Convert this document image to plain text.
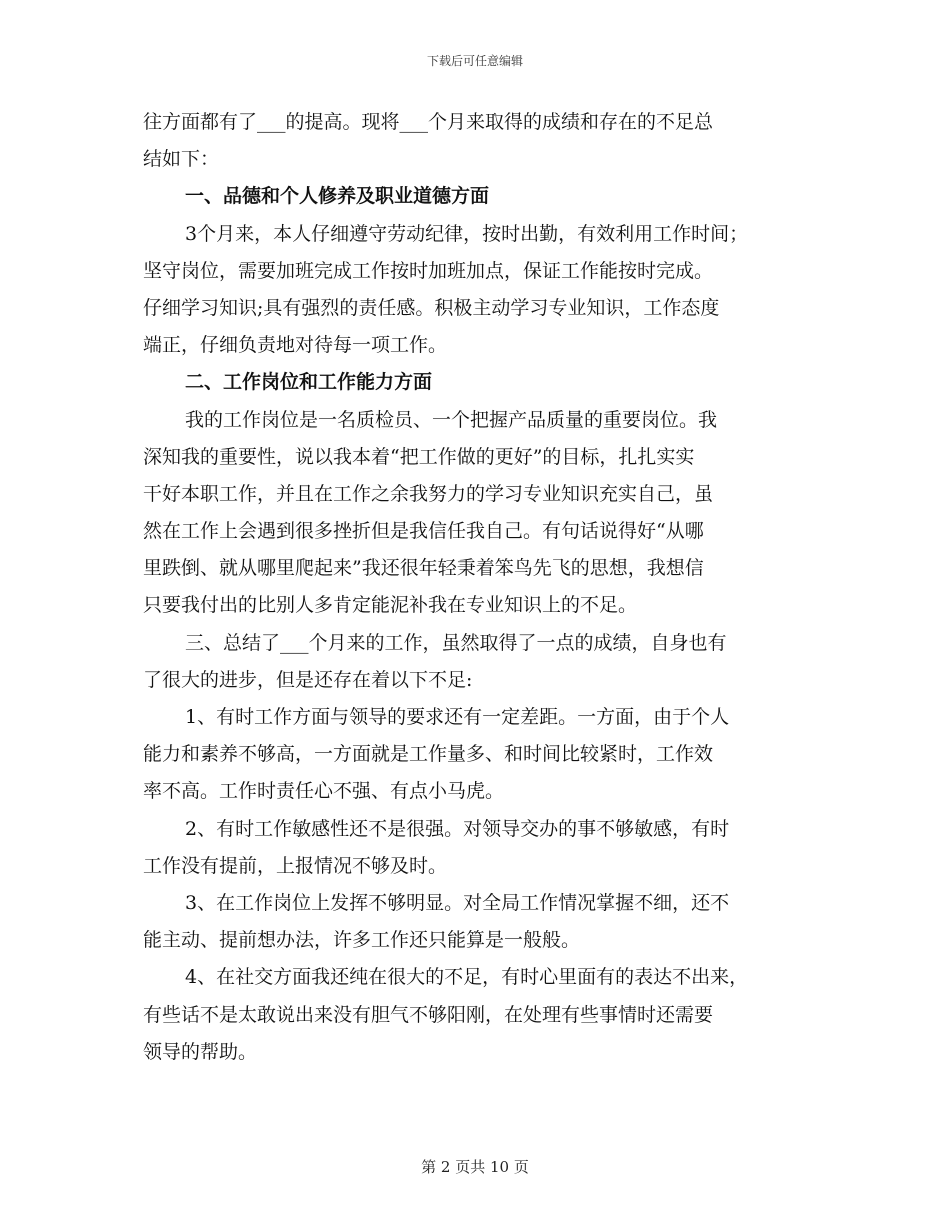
下载后可任意编辑
往方面都有了___的提高。现将___个月来取得的成绩和存在的不足总
结如下：
一、品德和个人修养及职业道德方面
3个月来，本人仔细遵守劳动纪律，按时出勤，有效利用工作时间；
坚守岗位，需要加班完成工作按时加班加点，保证工作能按时完成。
仔细学习知识;具有强烈的责任感。积极主动学习专业知识，工作态度
端正，仔细负责地对待每一项工作。
二、工作岗位和工作能力方面
我的工作岗位是一名质检员、一个把握产品质量的重要岗位。我
深知我的重要性，说以我本着“把工作做的更好”的目标，扎扎实实
干好本职工作，并且在工作之余我努力的学习专业知识充实自己，虽
然在工作上会遇到很多挫折但是我信任我自己。有句话说得好“从哪
里跌倒、就从哪里爬起来”我还很年轻秉着笨鸟先飞的思想，我想信
只要我付出的比别人多肯定能泥补我在专业知识上的不足。
三、总结了___个月来的工作，虽然取得了一点的成绩，自身也有
了很大的进步，但是还存在着以下不足:
1、有时工作方面与领导的要求还有一定差距。一方面，由于个人
能力和素养不够高，一方面就是工作量多、和时间比较紧时，工作效
率不高。工作时责任心不强、有点小马虎。
2、有时工作敏感性还不是很强。对领导交办的事不够敏感，有时
工作没有提前，上报情况不够及时。
3、在工作岗位上发挥不够明显。对全局工作情况掌握不细，还不
能主动、提前想办法，许多工作还只能算是一般般。
4、在社交方面我还纯在很大的不足，有时心里面有的表达不出来，
有些话不是太敢说出来没有胆气不够阳刚，在处理有些事情时还需要
领导的帮助。
第 2 页共 10 页
